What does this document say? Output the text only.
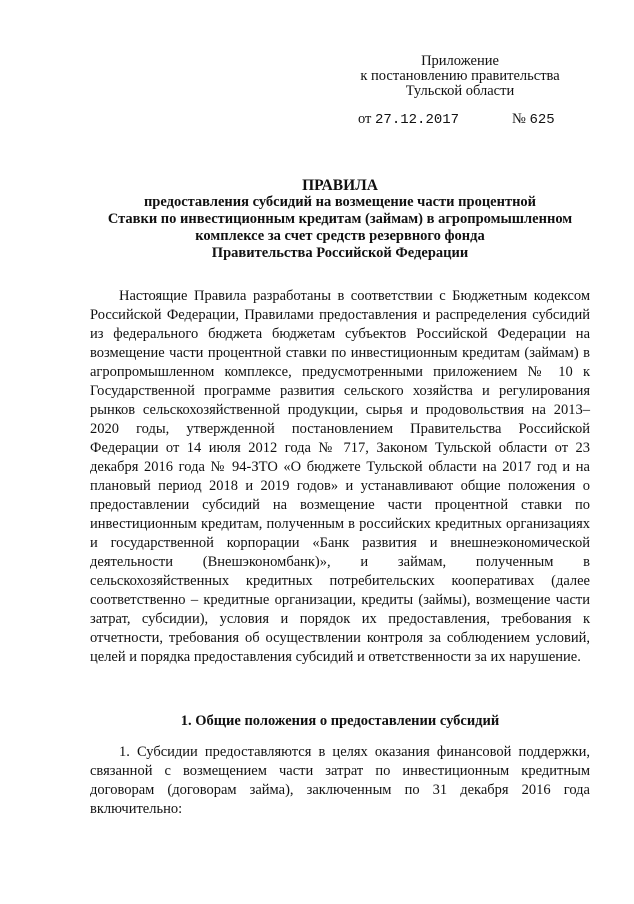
Приложение
к постановлению правительства
Тульской области
от 27.12.2017	№ 625
ПРАВИЛА
предоставления субсидий на возмещение части процентной
Ставки по инвестиционным кредитам (займам) в агропромышленном
комплексе за счет средств резервного фонда
Правительства Российской Федерации

Настоящие Правила разработаны в соответствии с Бюджетным кодексом Российской Федерации, Правилами предоставления и распределения субсидий из федерального бюджета бюджетам субъектов Российской Федерации на возмещение части процентной ставки по инвестиционным кредитам (займам) в агропромышленном комплексе, предусмотренными приложением № 10 к Государственной программе развития сельского хозяйства и регулирования рынков сельскохозяйственной продукции, сырья и продовольствия на 2013–2020 годы, утвержденной постановлением Правительства Российской Федерации от 14 июля 2012 года № 717, Законом Тульской области от 23 декабря 2016 года № 94-ЗТО «О бюджете Тульской области на 2017 год и на плановый период 2018 и 2019 годов» и устанавливают общие положения о предоставлении субсидий на возмещение части процентной ставки по инвестиционным кредитам, полученным в российских кредитных организациях и государственной корпорации «Банк развития и внешнеэкономической деятельности (Внешэкономбанк)», и займам, полученным в сельскохозяйственных кредитных потребительских кооперативах (далее соответственно – кредитные организации, кредиты (займы), возмещение части затрат, субсидии), условия и порядок их предоставления, требования к отчетности, требования об осуществлении контроля за соблюдением условий, целей и порядка предоставления субсидий и ответственности за их нарушение.

1. Общие положения о предоставлении субсидий

1. Субсидии предоставляются в целях оказания финансовой поддержки, связанной с возмещением части затрат по инвестиционным кредитным договорам (договорам займа), заключенным по 31 декабря 2016 года включительно:
